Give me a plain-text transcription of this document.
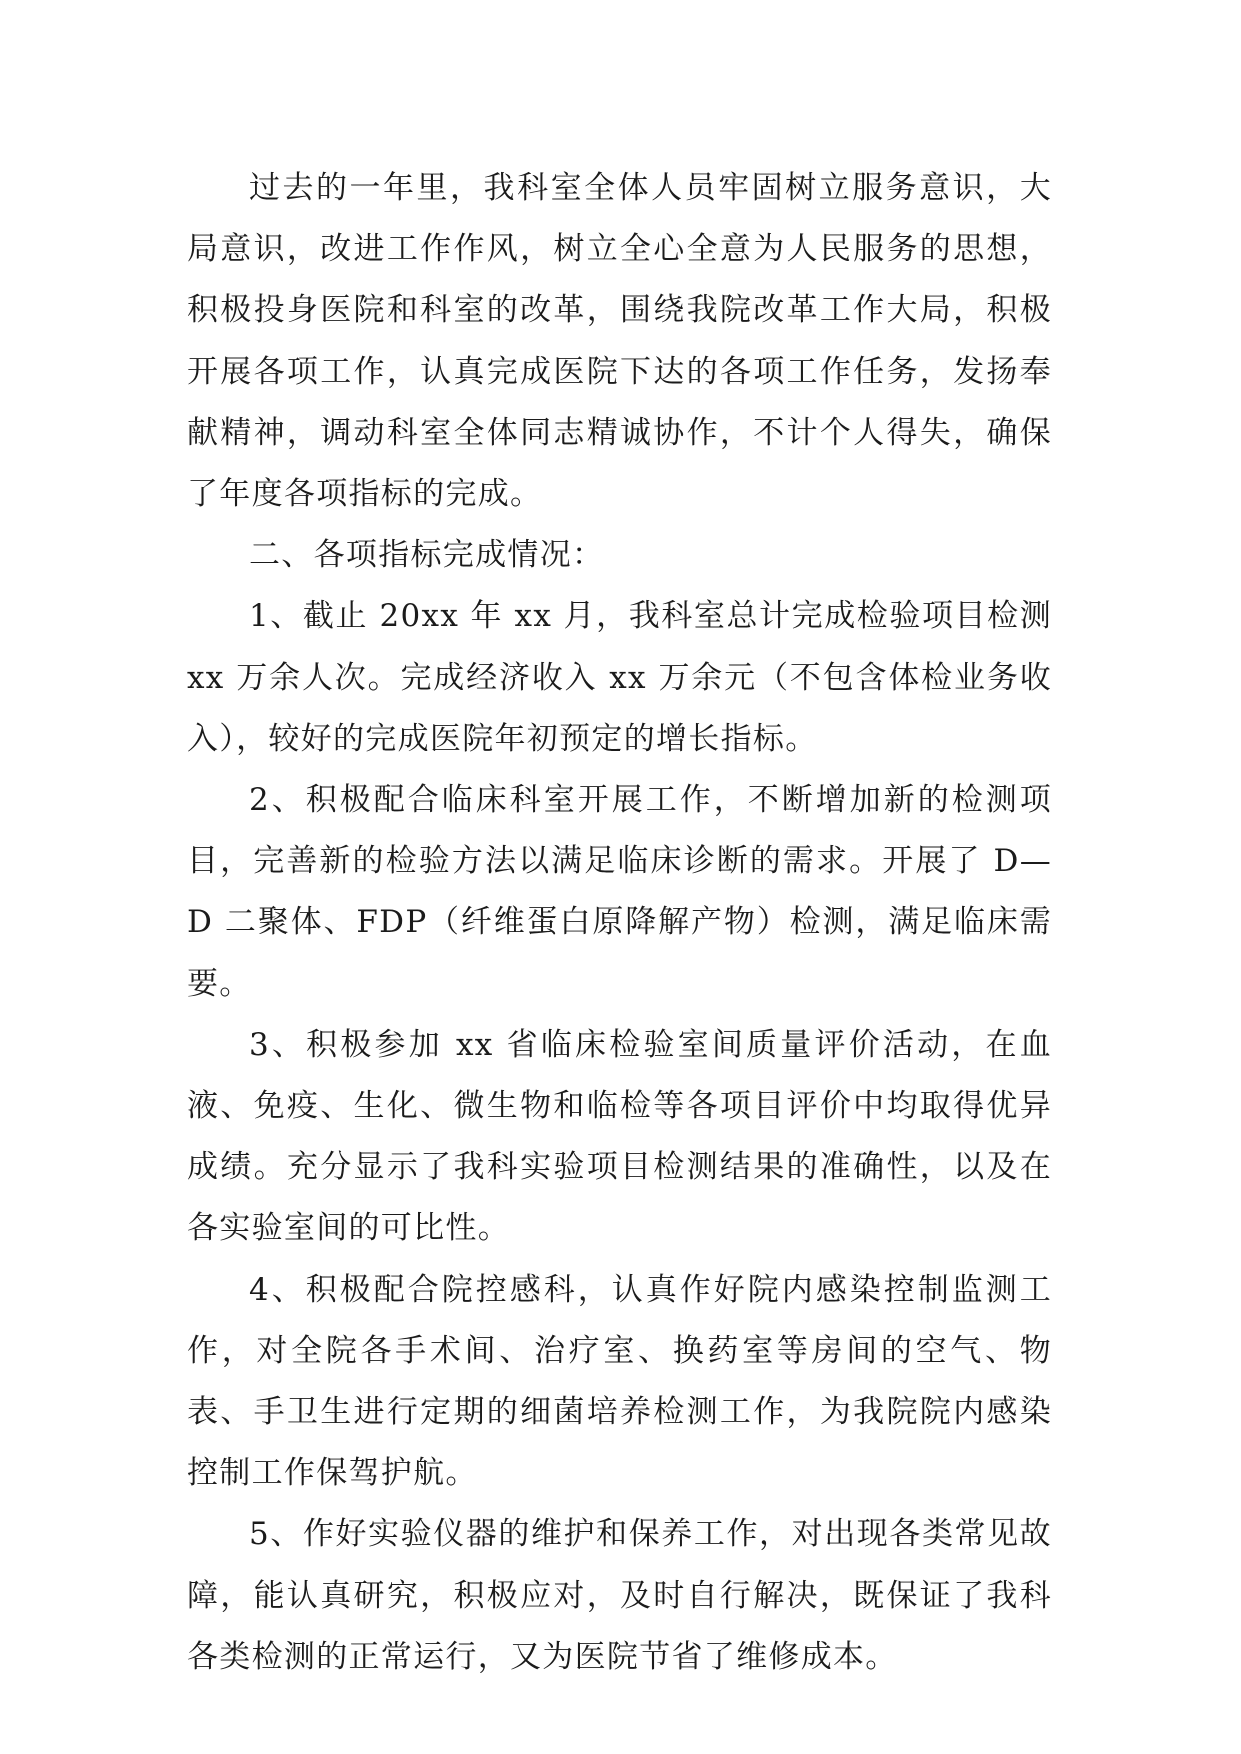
过去的一年里，我科室全体人员牢固树立服务意识，大局意识，改进工作作风，树立全心全意为人民服务的思想，积极投身医院和科室的改革，围绕我院改革工作大局，积极开展各项工作，认真完成医院下达的各项工作任务，发扬奉献精神，调动科室全体同志精诚协作，不计个人得失，确保了年度各项指标的完成。

二、各项指标完成情况：

1、截止 20xx 年 xx 月，我科室总计完成检验项目检测 xx 万余人次。完成经济收入 xx 万余元（不包含体检业务收入），较好的完成医院年初预定的增长指标。

2、积极配合临床科室开展工作，不断增加新的检测项目，完善新的检验方法以满足临床诊断的需求。开展了 D—D 二聚体、FDP（纤维蛋白原降解产物）检测，满足临床需要。

3、积极参加 xx 省临床检验室间质量评价活动，在血液、免疫、生化、微生物和临检等各项目评价中均取得优异成绩。充分显示了我科实验项目检测结果的准确性，以及在各实验室间的可比性。

4、积极配合院控感科，认真作好院内感染控制监测工作，对全院各手术间、治疗室、换药室等房间的空气、物表、手卫生进行定期的细菌培养检测工作，为我院院内感染控制工作保驾护航。

5、作好实验仪器的维护和保养工作，对出现各类常见故障，能认真研究，积极应对，及时自行解决，既保证了我科各类检测的正常运行，又为医院节省了维修成本。
